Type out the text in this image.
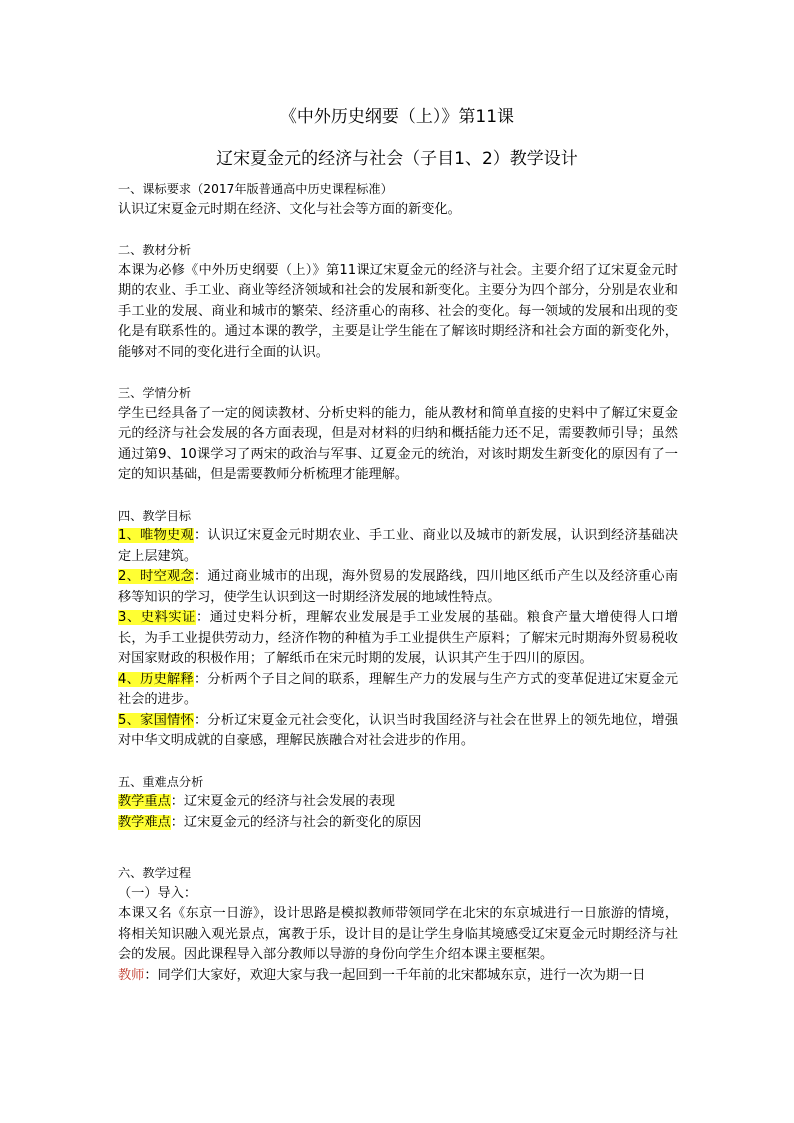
《中外历史纲要（上）》第11课
辽宋夏金元的经济与社会（子目1、2）教学设计
一、课标要求（2017年版普通高中历史课程标准）
认识辽宋夏金元时期在经济、文化与社会等方面的新变化。
二、教材分析
本课为必修《中外历史纲要（上）》第11课辽宋夏金元的经济与社会。主要介绍了辽宋夏金元时期的农业、手工业、商业等经济领域和社会的发展和新变化。主要分为四个部分，分别是农业和手工业的发展、商业和城市的繁荣、经济重心的南移、社会的变化。每一领域的发展和出现的变化是有联系性的。通过本课的教学，主要是让学生能在了解该时期经济和社会方面的新变化外，能够对不同的变化进行全面的认识。
三、学情分析
学生已经具备了一定的阅读教材、分析史料的能力，能从教材和简单直接的史料中了解辽宋夏金元的经济与社会发展的各方面表现，但是对材料的归纳和概括能力还不足，需要教师引导；虽然通过第9、10课学习了两宋的政治与军事、辽夏金元的统治，对该时期发生新变化的原因有了一定的知识基础，但是需要教师分析梳理才能理解。
四、教学目标
1、唯物史观：认识辽宋夏金元时期农业、手工业、商业以及城市的新发展，认识到经济基础决定上层建筑。
2、时空观念：通过商业城市的出现，海外贸易的发展路线，四川地区纸币产生以及经济重心南移等知识的学习，使学生认识到这一时期经济发展的地域性特点。
3、史料实证：通过史料分析，理解农业发展是手工业发展的基础。粮食产量大增使得人口增长，为手工业提供劳动力，经济作物的种植为手工业提供生产原料；了解宋元时期海外贸易税收对国家财政的积极作用；了解纸币在宋元时期的发展，认识其产生于四川的原因。
4、历史解释：分析两个子目之间的联系，理解生产力的发展与生产方式的变革促进辽宋夏金元社会的进步。
5、家国情怀：分析辽宋夏金元社会变化，认识当时我国经济与社会在世界上的领先地位，增强对中华文明成就的自豪感，理解民族融合对社会进步的作用。
五、重难点分析
教学重点：辽宋夏金元的经济与社会发展的表现
教学难点：辽宋夏金元的经济与社会的新变化的原因
六、教学过程
（一）导入：
本课又名《东京一日游》，设计思路是模拟教师带领同学在北宋的东京城进行一日旅游的情境，将相关知识融入观光景点，寓教于乐，设计目的是让学生身临其境感受辽宋夏金元时期经济与社会的发展。因此课程导入部分教师以导游的身份向学生介绍本课主要框架。
教师：同学们大家好，欢迎大家与我一起回到一千年前的北宋都城东京，进行一次为期一日
